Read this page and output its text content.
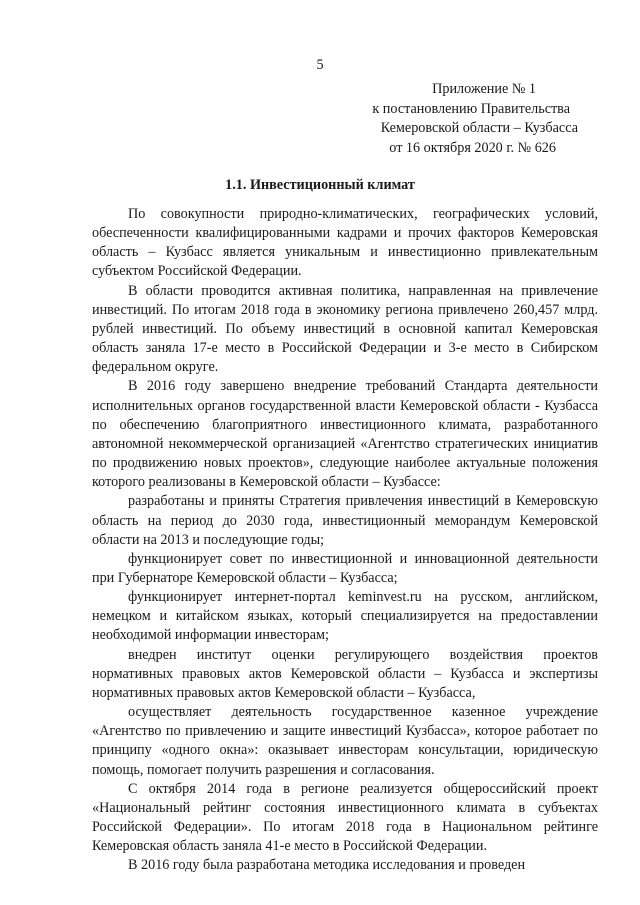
5
Приложение № 1
к постановлению Правительства
Кемеровской области – Кузбасса
от 16 октября 2020 г. № 626
1.1. Инвестиционный климат

По совокупности природно-климатических, географических условий, обеспеченности квалифицированными кадрами и прочих факторов Кемеровская область – Кузбасс является уникальным и инвестиционно привлекательным субъектом Российской Федерации.

В области проводится активная политика, направленная на привлечение инвестиций. По итогам 2018 года в экономику региона привлечено 260,457 млрд. рублей инвестиций. По объему инвестиций в основной капитал Кемеровская область заняла 17-е место в Российской Федерации и 3-е место в Сибирском федеральном округе.

В 2016 году завершено внедрение требований Стандарта деятельности исполнительных органов государственной власти Кемеровской области - Кузбасса по обеспечению благоприятного инвестиционного климата, разработанного автономной некоммерческой организацией «Агентство стратегических инициатив по продвижению новых проектов», следующие наиболее актуальные положения которого реализованы в Кемеровской области – Кузбассе:

разработаны и приняты Стратегия привлечения инвестиций в Кемеровскую область на период до 2030 года, инвестиционный меморандум Кемеровской области на 2013 и последующие годы;

функционирует совет по инвестиционной и инновационной деятельности при Губернаторе Кемеровской области – Кузбасса;

функционирует интернет-портал keminvest.ru на русском, английском, немецком и китайском языках, который специализируется на предоставлении необходимой информации инвесторам;

внедрен институт оценки регулирующего воздействия проектов нормативных правовых актов Кемеровской области – Кузбасса и экспертизы нормативных правовых актов Кемеровской области – Кузбасса,

осуществляет деятельность государственное казенное учреждение «Агентство по привлечению и защите инвестиций Кузбасса», которое работает по принципу «одного окна»: оказывает инвесторам консультации, юридическую помощь, помогает получить разрешения и согласования.

С октября 2014 года в регионе реализуется общероссийский проект «Национальный рейтинг состояния инвестиционного климата в субъектах Российской Федерации». По итогам 2018 года в Национальном рейтинге Кемеровская область заняла 41-е место в Российской Федерации.

В 2016 году была разработана методика исследования и проведен
